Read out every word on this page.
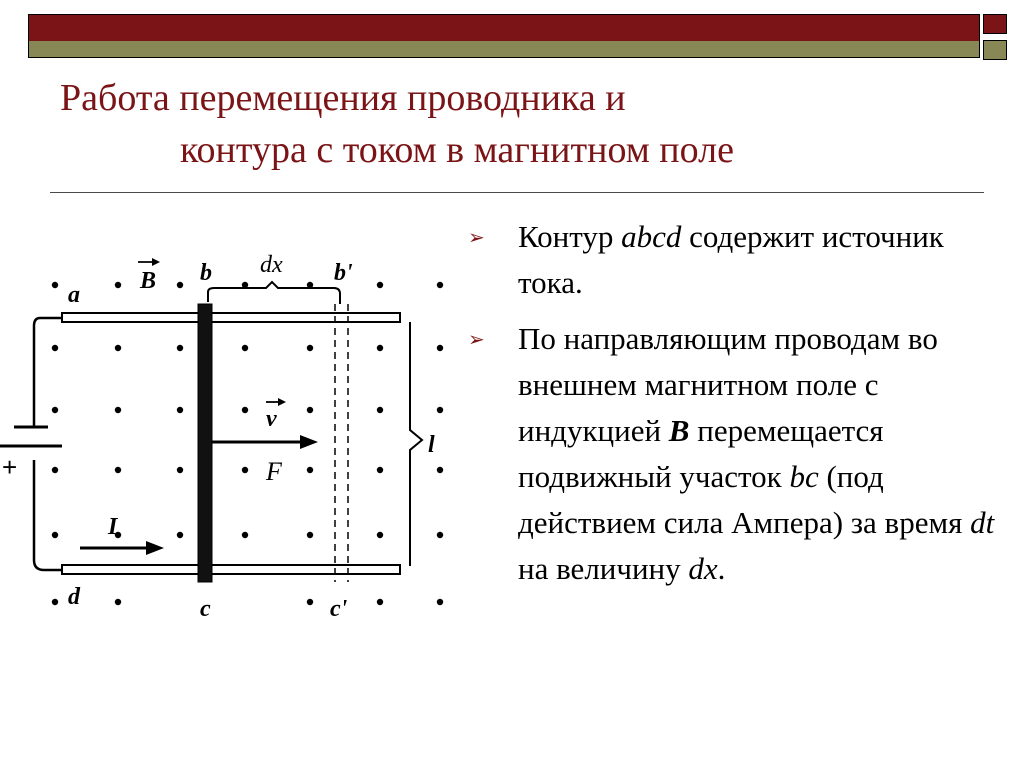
Работа перемещения проводника и
контура с током в магнитном поле
➢ Контур abcd содержит источник тока.
➢ По направляющим проводам во внешнем магнитном поле с индукцией B перемещается подвижный участок bc (под действием сила Ампера) за время dt на величину dx.
+
dx
l
a
B b	b'
v
F
I
d	c	c'
